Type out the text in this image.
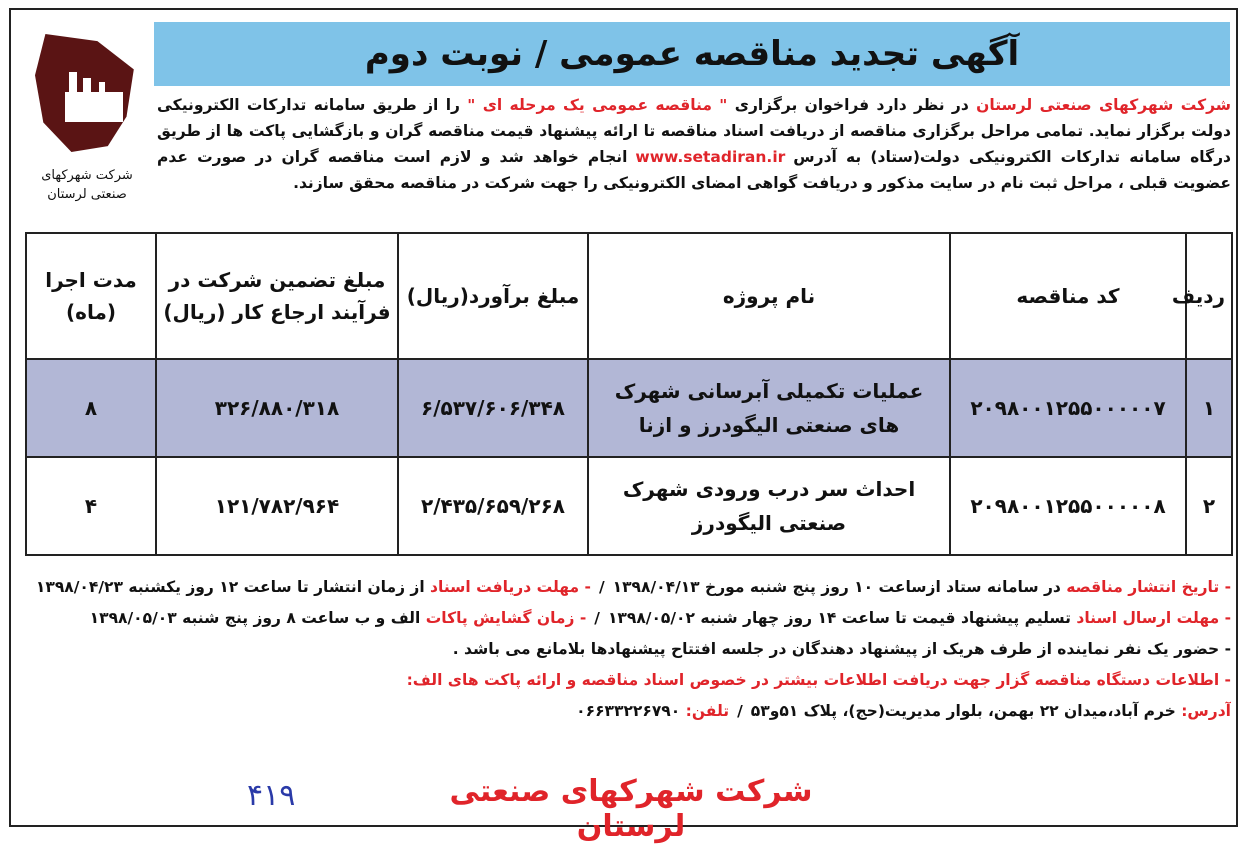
شرکت شهرکهای
صنعتی لرستان
آگهی تجدید مناقصه عمومی / نوبت دوم
شرکت شهرکهای صنعتی لرستان در نظر دارد فراخوان برگزاری " مناقصه عمومی یک مرحله ای " را از طریق سامانه تدارکات الکترونیکی دولت برگزار نماید. تمامی مراحل برگزاری مناقصه از دریافت اسناد مناقصه تا ارائه پیشنهاد قیمت مناقصه گران و بازگشایی پاکت ها از طریق درگاه سامانه تدارکات الکترونیکی دولت(ستاد) به آدرسwww.setadiran.irانجام خواهد شد و لازم است مناقصه گران در صورت عدم عضویت قبلی ، مراحل ثبت نام در سایت مذکور و دریافت گواهی امضای الکترونیکی را جهت شرکت در مناقصه محقق سازند.
ردیف	کد مناقصه	نام پروژه	مبلغ برآورد(ریال)	مبلغ تضمین شرکت در فرآیند ارجاع کار (ریال)	مدت اجرا (ماه)
۱	۲۰۹۸۰۰۱۲۵۵۰۰۰۰۰۷	عملیات تکمیلی آبرسانی شهرک های صنعتی الیگودرز و ازنا	۶/۵۳۷/۶۰۶/۳۴۸	۳۲۶/۸۸۰/۳۱۸	۸
۲	۲۰۹۸۰۰۱۲۵۵۰۰۰۰۰۸	احداث سر درب ورودی شهرک صنعتی الیگودرز	۲/۴۳۵/۶۵۹/۲۶۸	۱۲۱/۷۸۲/۹۶۴	۴
- تاریخ انتشار مناقصه در سامانه ستاد ازساعت ۱۰ روز پنج شنبه مورخ ۱۳۹۸/۰۴/۱۳/- مهلت دریافت اسناد از زمان انتشار تا ساعت ۱۲ روز یکشنبه ۱۳۹۸/۰۴/۲۳
- مهلت ارسال اسناد تسلیم پیشنهاد قیمت تا ساعت ۱۴ روز چهار شنبه ۱۳۹۸/۰۵/۰۲/- زمان گشایش پاکات الف و ب ساعت ۸ روز پنج شنبه ۱۳۹۸/۰۵/۰۳
- حضور یک نفر نماینده از طرف هریک از پیشنهاد دهندگان در جلسه افتتاح پیشنهادها بلامانع می باشد .
- اطلاعات دستگاه مناقصه گزار جهت دریافت اطلاعات بیشتر در خصوص اسناد مناقصه و ارائه پاکت های الف:
آدرس: خرم آباد،میدان ۲۲ بهمن، بلوار مدیریت(حج)، پلاک ۵۱و۵۳/تلفن: ۰۶۶۳۳۲۲۶۷۹۰
۴۱۹	شرکت شهرکهای صنعتی لرستان
